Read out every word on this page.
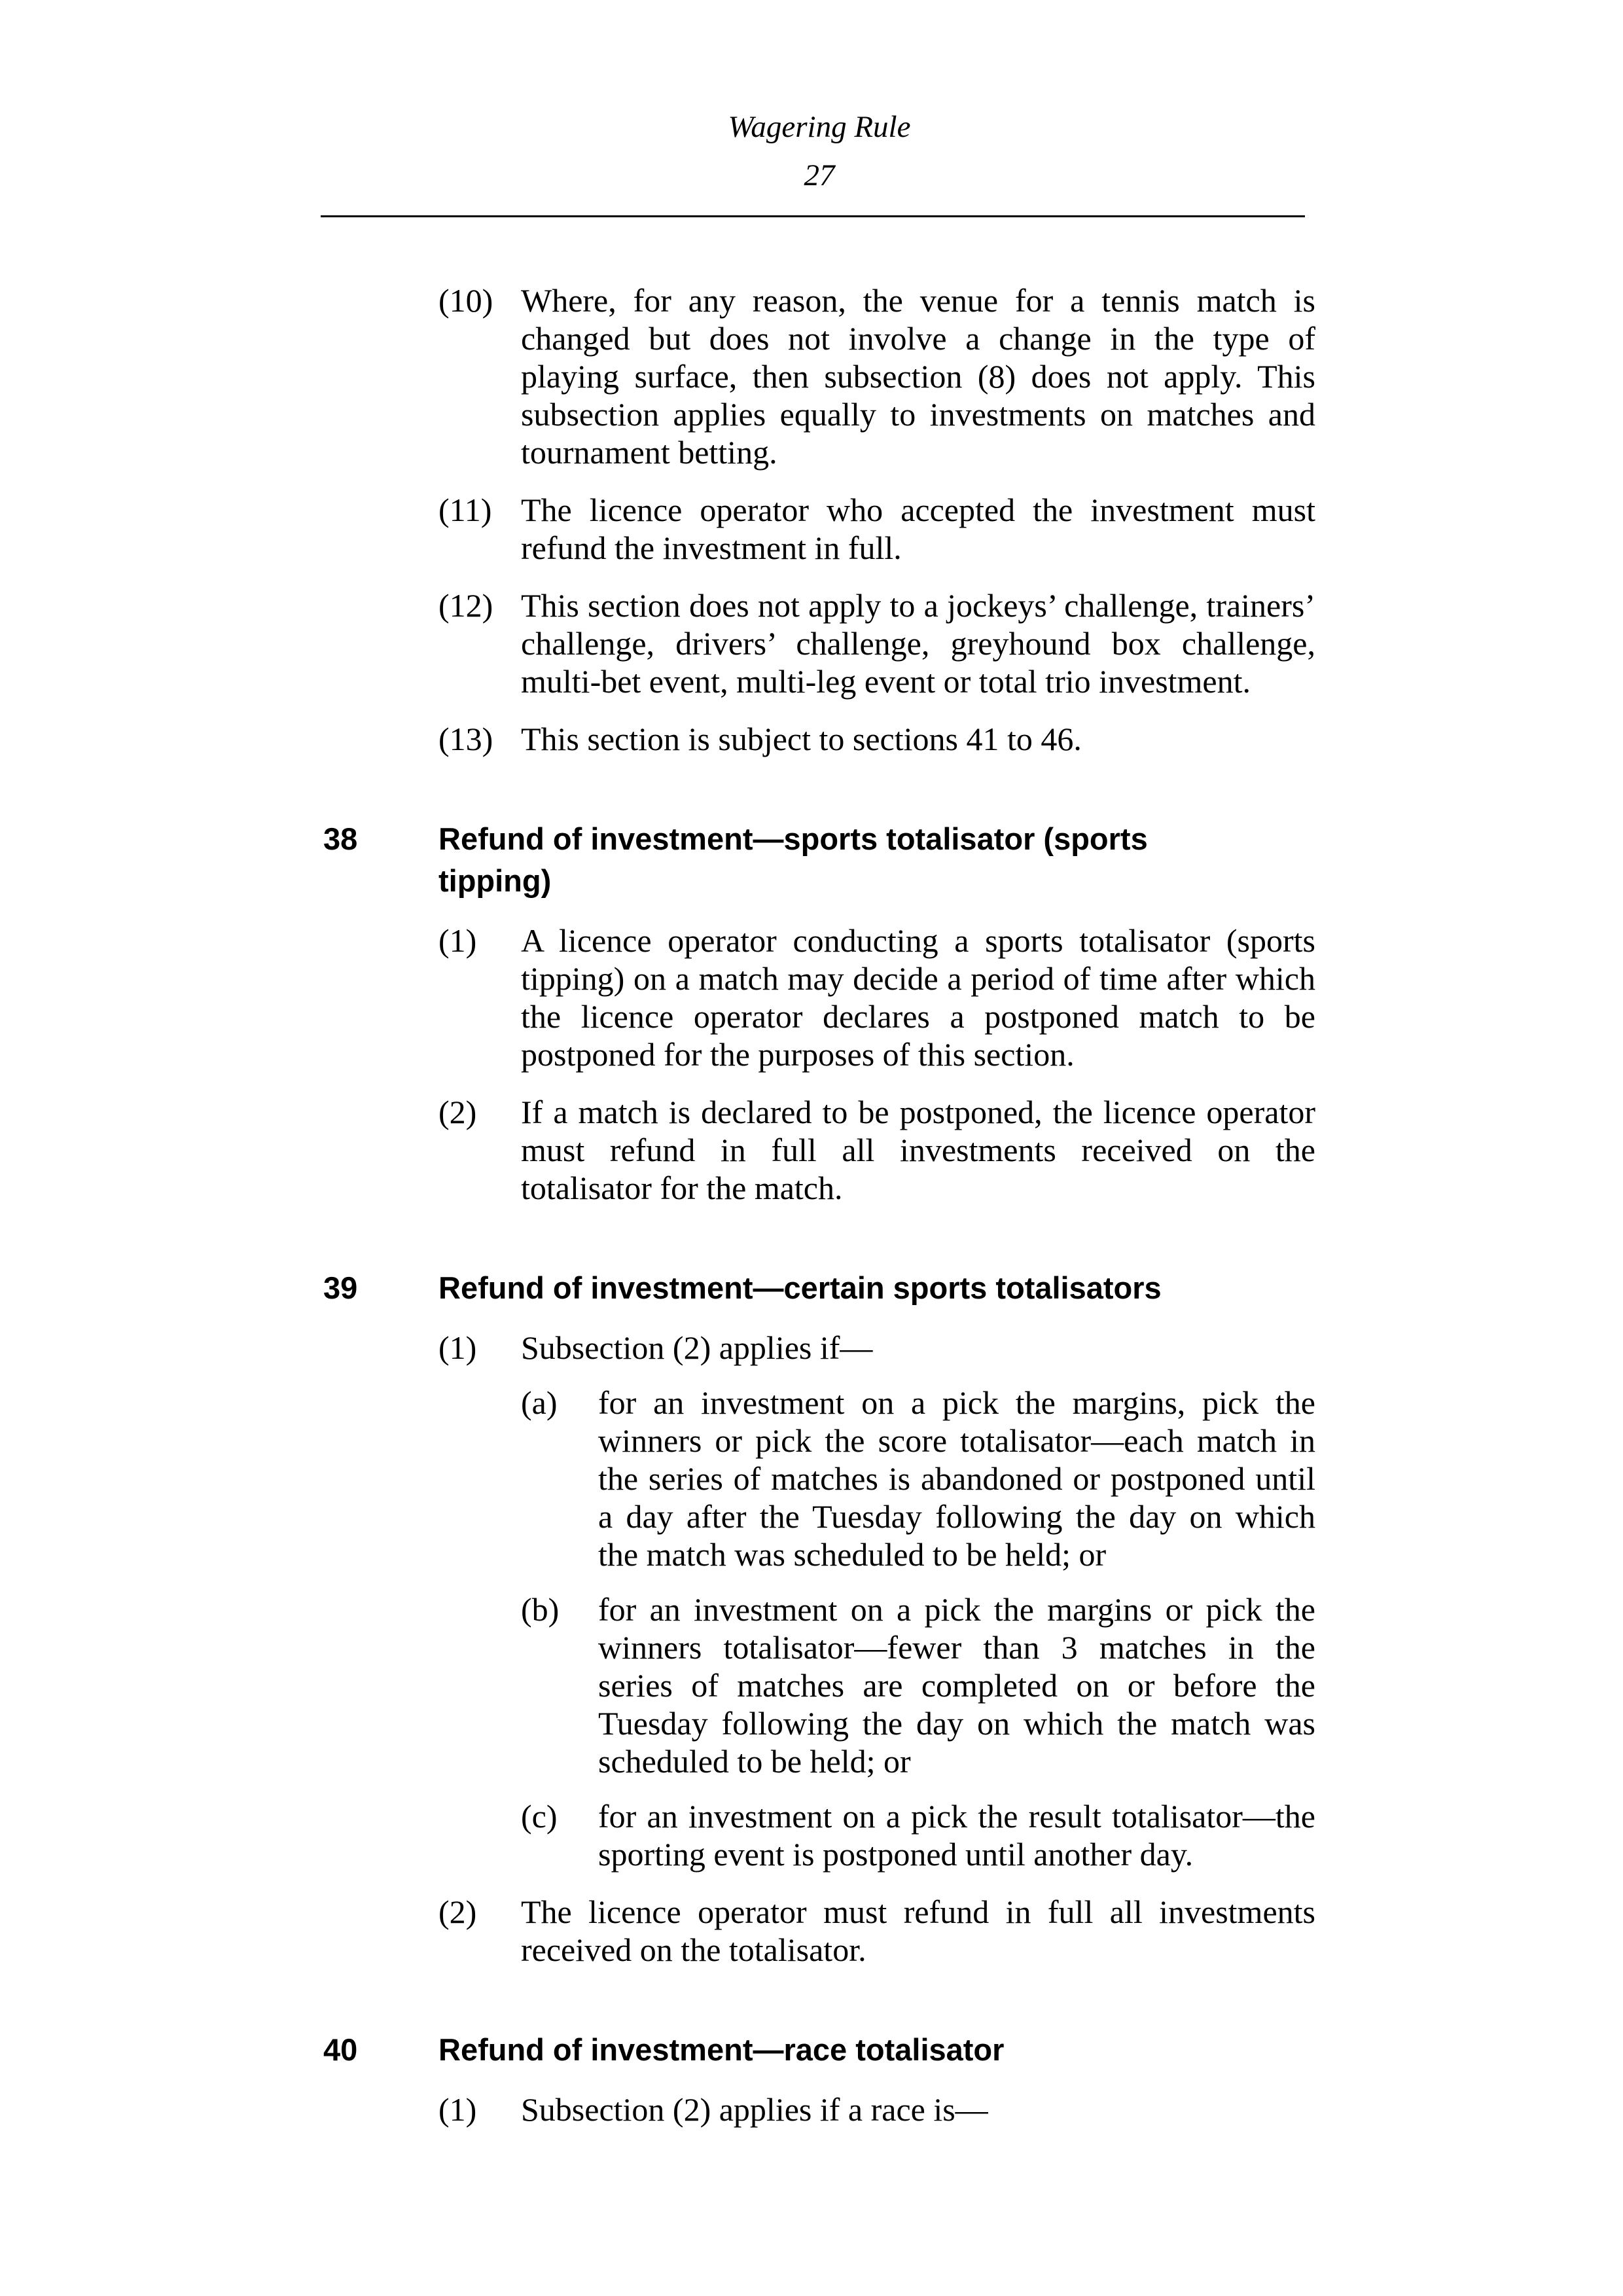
Wagering Rule
27
(10) Where, for any reason, the venue for a tennis match is changed but does not involve a change in the type of playing surface, then subsection (8) does not apply. This subsection applies equally to investments on matches and tournament betting.
(11) The licence operator who accepted the investment must refund the investment in full.
(12) This section does not apply to a jockeys’ challenge, trainers’ challenge, drivers’ challenge, greyhound box challenge, multi-bet event, multi-leg event or total trio investment.
(13) This section is subject to sections 41 to 46.
38	Refund of investment—sports totalisator (sports tipping)
(1)	A licence operator conducting a sports totalisator (sports tipping) on a match may decide a period of time after which the licence operator declares a postponed match to be postponed for the purposes of this section.
(2)	If a match is declared to be postponed, the licence operator must refund in full all investments received on the totalisator for the match.
39	Refund of investment—certain sports totalisators
(1)	Subsection (2) applies if—
(a)	for an investment on a pick the margins, pick the winners or pick the score totalisator—each match in the series of matches is abandoned or postponed until a day after the Tuesday following the day on which the match was scheduled to be held; or
(b)	for an investment on a pick the margins or pick the winners totalisator—fewer than 3 matches in the series of matches are completed on or before the Tuesday following the day on which the match was scheduled to be held; or
(c)	for an investment on a pick the result totalisator—the sporting event is postponed until another day.
(2)	The licence operator must refund in full all investments received on the totalisator.
40	Refund of investment—race totalisator
(1)	Subsection (2) applies if a race is—
